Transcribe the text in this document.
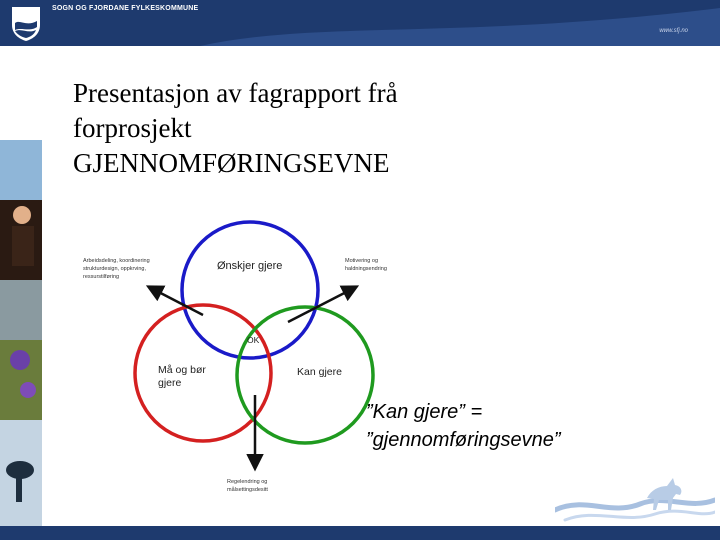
SOGN OG FJORDANE FYLKESKOMMUNE
www.sfj.no
Presentasjon av fagrapport frå
forprosjekt
GJENNOMFØRINGSEVNE
Ønskjer gjere
Må og bør
gjere
Kan gjere
OK
Arbeidsdeling, koordinering strukturdesign, oppkrving, ressurstilføring
Motivering og haldningsendring
Regelendring og målsettingsdesitt
”Kan gjere” =
”gjennomføringsevne”
